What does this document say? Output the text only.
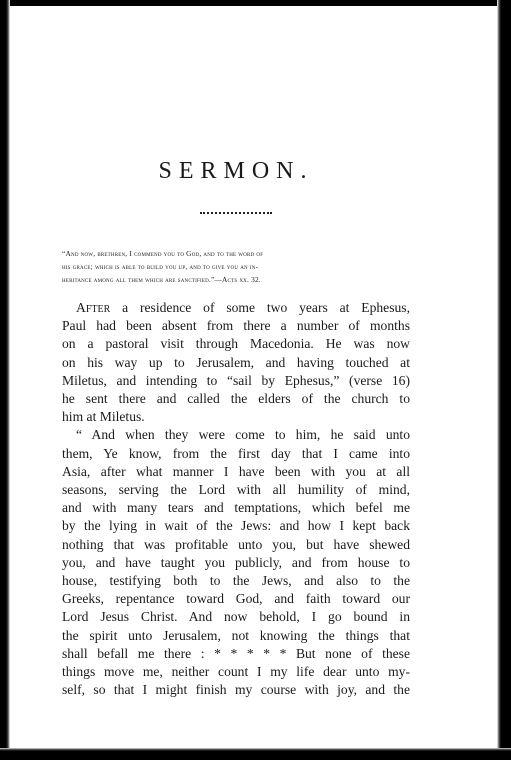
SERMON.
“And now, brethren, I commend you to God, and to the word of
his grace; which is able to build you up, and to give you an in-
heritance among all them which are sanctified.”—Acts xx. 32.
After a residence of some two years at Ephesus,
Paul had been absent from there a number of months
on a pastoral visit through Macedonia. He was now
on his way up to Jerusalem, and having touched at
Miletus, and intending to “sail by Ephesus,” (verse 16)
he sent there and called the elders of the church to
him at Miletus.
“ And when they were come to him, he said unto
them, Ye know, from the first day that I came into
Asia, after what manner I have been with you at all
seasons, serving the Lord with all humility of mind,
and with many tears and temptations, which befel me
by the lying in wait of the Jews: and how I kept back
nothing that was profitable unto you, but have shewed
you, and have taught you publicly, and from house to
house, testifying both to the Jews, and also to the
Greeks, repentance toward God, and faith toward our
Lord Jesus Christ. And now behold, I go bound in
the spirit unto Jerusalem, not knowing the things that
shall befall me there : * * * * * But none of these
things move me, neither count I my life dear unto my-
self, so that I might finish my course with joy, and the
